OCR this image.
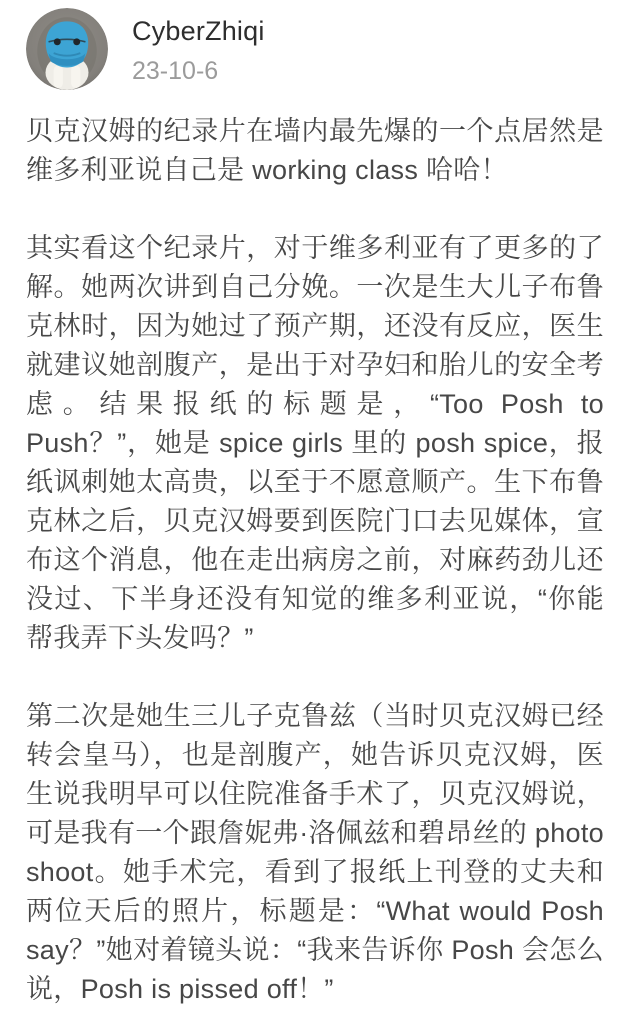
CyberZhiqi
23-10-6

贝克汉姆的纪录片在墙内最先爆的一个点居然是维多利亚说自己是 working class 哈哈！

其实看这个纪录片，对于维多利亚有了更多的了解。她两次讲到自己分娩。一次是生大儿子布鲁克林时，因为她过了预产期，还没有反应，医生就建议她剖腹产，是出于对孕妇和胎儿的安全考虑。结果报纸的标题是，“Too Posh to Push？”，她是 spice girls 里的 posh spice，报纸讽刺她太高贵，以至于不愿意顺产。生下布鲁克林之后，贝克汉姆要到医院门口去见媒体，宣布这个消息，他在走出病房之前，对麻药劲儿还没过、下半身还没有知觉的维多利亚说，“你能帮我弄下头发吗？”

第二次是她生三儿子克鲁兹（当时贝克汉姆已经转会皇马），也是剖腹产，她告诉贝克汉姆，医生说我明早可以住院准备手术了，贝克汉姆说，可是我有一个跟詹妮弗·洛佩兹和碧昂丝的 photo shoot。她手术完，看到了报纸上刊登的丈夫和两位天后的照片，标题是：“What would Posh say？”她对着镜头说：“我来告诉你 Posh 会怎么说，Posh is pissed off！”
